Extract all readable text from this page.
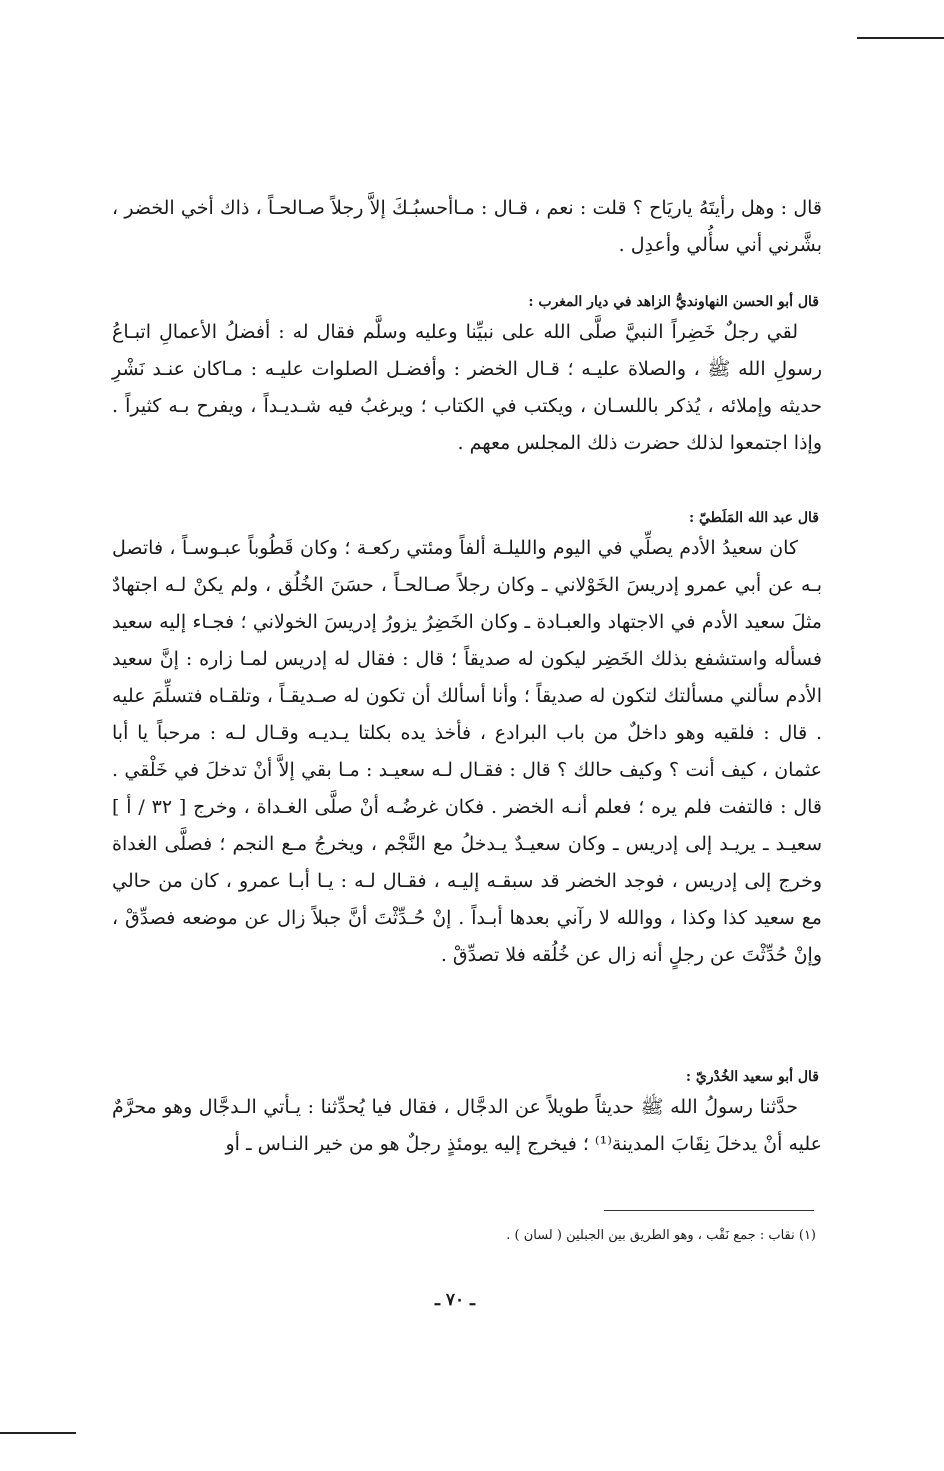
قال : وهل رأيتَهُ ياريَاح ؟ قلت : نعم ، قـال : مـاأحسبُـكَ إلاَّ رجلاً صـالحـاً ، ذاك أخي الخضر ، بشَّرني أني سأُلي وأعدِل .

قال أبو الحسن النهاونديُّ الزاهد في ديار المغرب :

لقي رجلٌ خَضِراً النبيَّ صلَّى الله على نبيِّنا وعليه وسلَّم فقال له : أفضلُ الأعمالِ اتبـاعُ رسولِ الله ﷺ ، والصلاة عليـه ؛ قـال الخضر : وأفضـل الصلوات عليـه : مـاكان عنـد نَشْرِ حديثه وإملائه ، يُذكر باللسـان ، ويكتب في الكتاب ؛ ويرغبُ فيه شـديـداً ، ويفرح بـه كثيراً . وإذا اجتمعوا لذلك حضرت ذلك المجلس معهم .

قال عبد الله المَلَطيّ :

كان سعيدُ الأدم يصلِّي في اليوم والليلـة ألفاً ومئتي ركعـة ؛ وكان قَطُوباً عبـوسـاً ، فاتصل بـه عن أبي عمرو إدريسَ الخَوْلاني ـ وكان رجلاً صـالحـاً ، حسَنَ الخُلُق ، ولم يكنْ لـه اجتهادٌ مثلَ سعيد الأدم في الاجتهاد والعبـادة ـ وكان الخَضِرُ يزورُ إدريسَ الخولاني ؛ فجـاء إليه سعيد فسأله واستشفع بذلك الخَضِر ليكون له صديقاً ؛ قال : فقال له إدريس لمـا زاره : إنَّ سعيد الأدم سألني مسألتك لتكون له صديقاً ؛ وأنا أسألك أن تكون له صـديقـاً ، وتلقـاه فتسلِّمَ عليه . قال : فلقيه وهو داخلٌ من باب البرادع ، فأخذ يده بكلتا يـديـه وقـال لـه : مرحباً يا أبا عثمان ، كيف أنت ؟ وكيف حالك ؟ قال : فقـال لـه سعيـد : مـا بقي إلاَّ أنْ تدخلَ في خَلْقي . قال : فالتفت فلم يره ؛ فعلم أنـه الخضر . فكان غرضُـه أنْ صلَّى الغـداة ، وخرج [ ٣٢ / أ ] سعيـد ـ يريـد إلى إدريس ـ وكان سعيـدٌ يـدخلُ مع النَّجْم ، ويخرجُ مـع النجم ؛ فصلَّى الغداة وخرج إلى إدريس ، فوجد الخضر قد سبقـه إليـه ، فقـال لـه : يـا أبـا عمرو ، كان من حالي مع سعيد كذا وكذا ، ووالله لا رآني بعدها أبـداً . إنْ حُـدِّثْتَ أنَّ جبلاً زال عن موضعه فصدِّقْ ، وإنْ حُدِّثْتَ عن رجلٍ أنه زال عن خُلُقه فلا تصدِّقْ .

قال أبو سعيد الخُدْريّ :

حدَّثنا رسولُ الله ﷺ حديثاً طويلاً عن الدجَّال ، فقال فيا يُحدِّثنا : يـأتي الـدجَّال وهو محرَّمٌ عليه أنْ يدخلَ نِقَابَ المدينة⁽¹⁾ ؛ فيخرج إليه يومئذٍ رجلٌ هو من خير النـاس ـ أو

(١) نقاب : جمع نَقْب ، وهو الطريق بين الجبلين ( لسان ) .
ـ ٧٠ ـ
